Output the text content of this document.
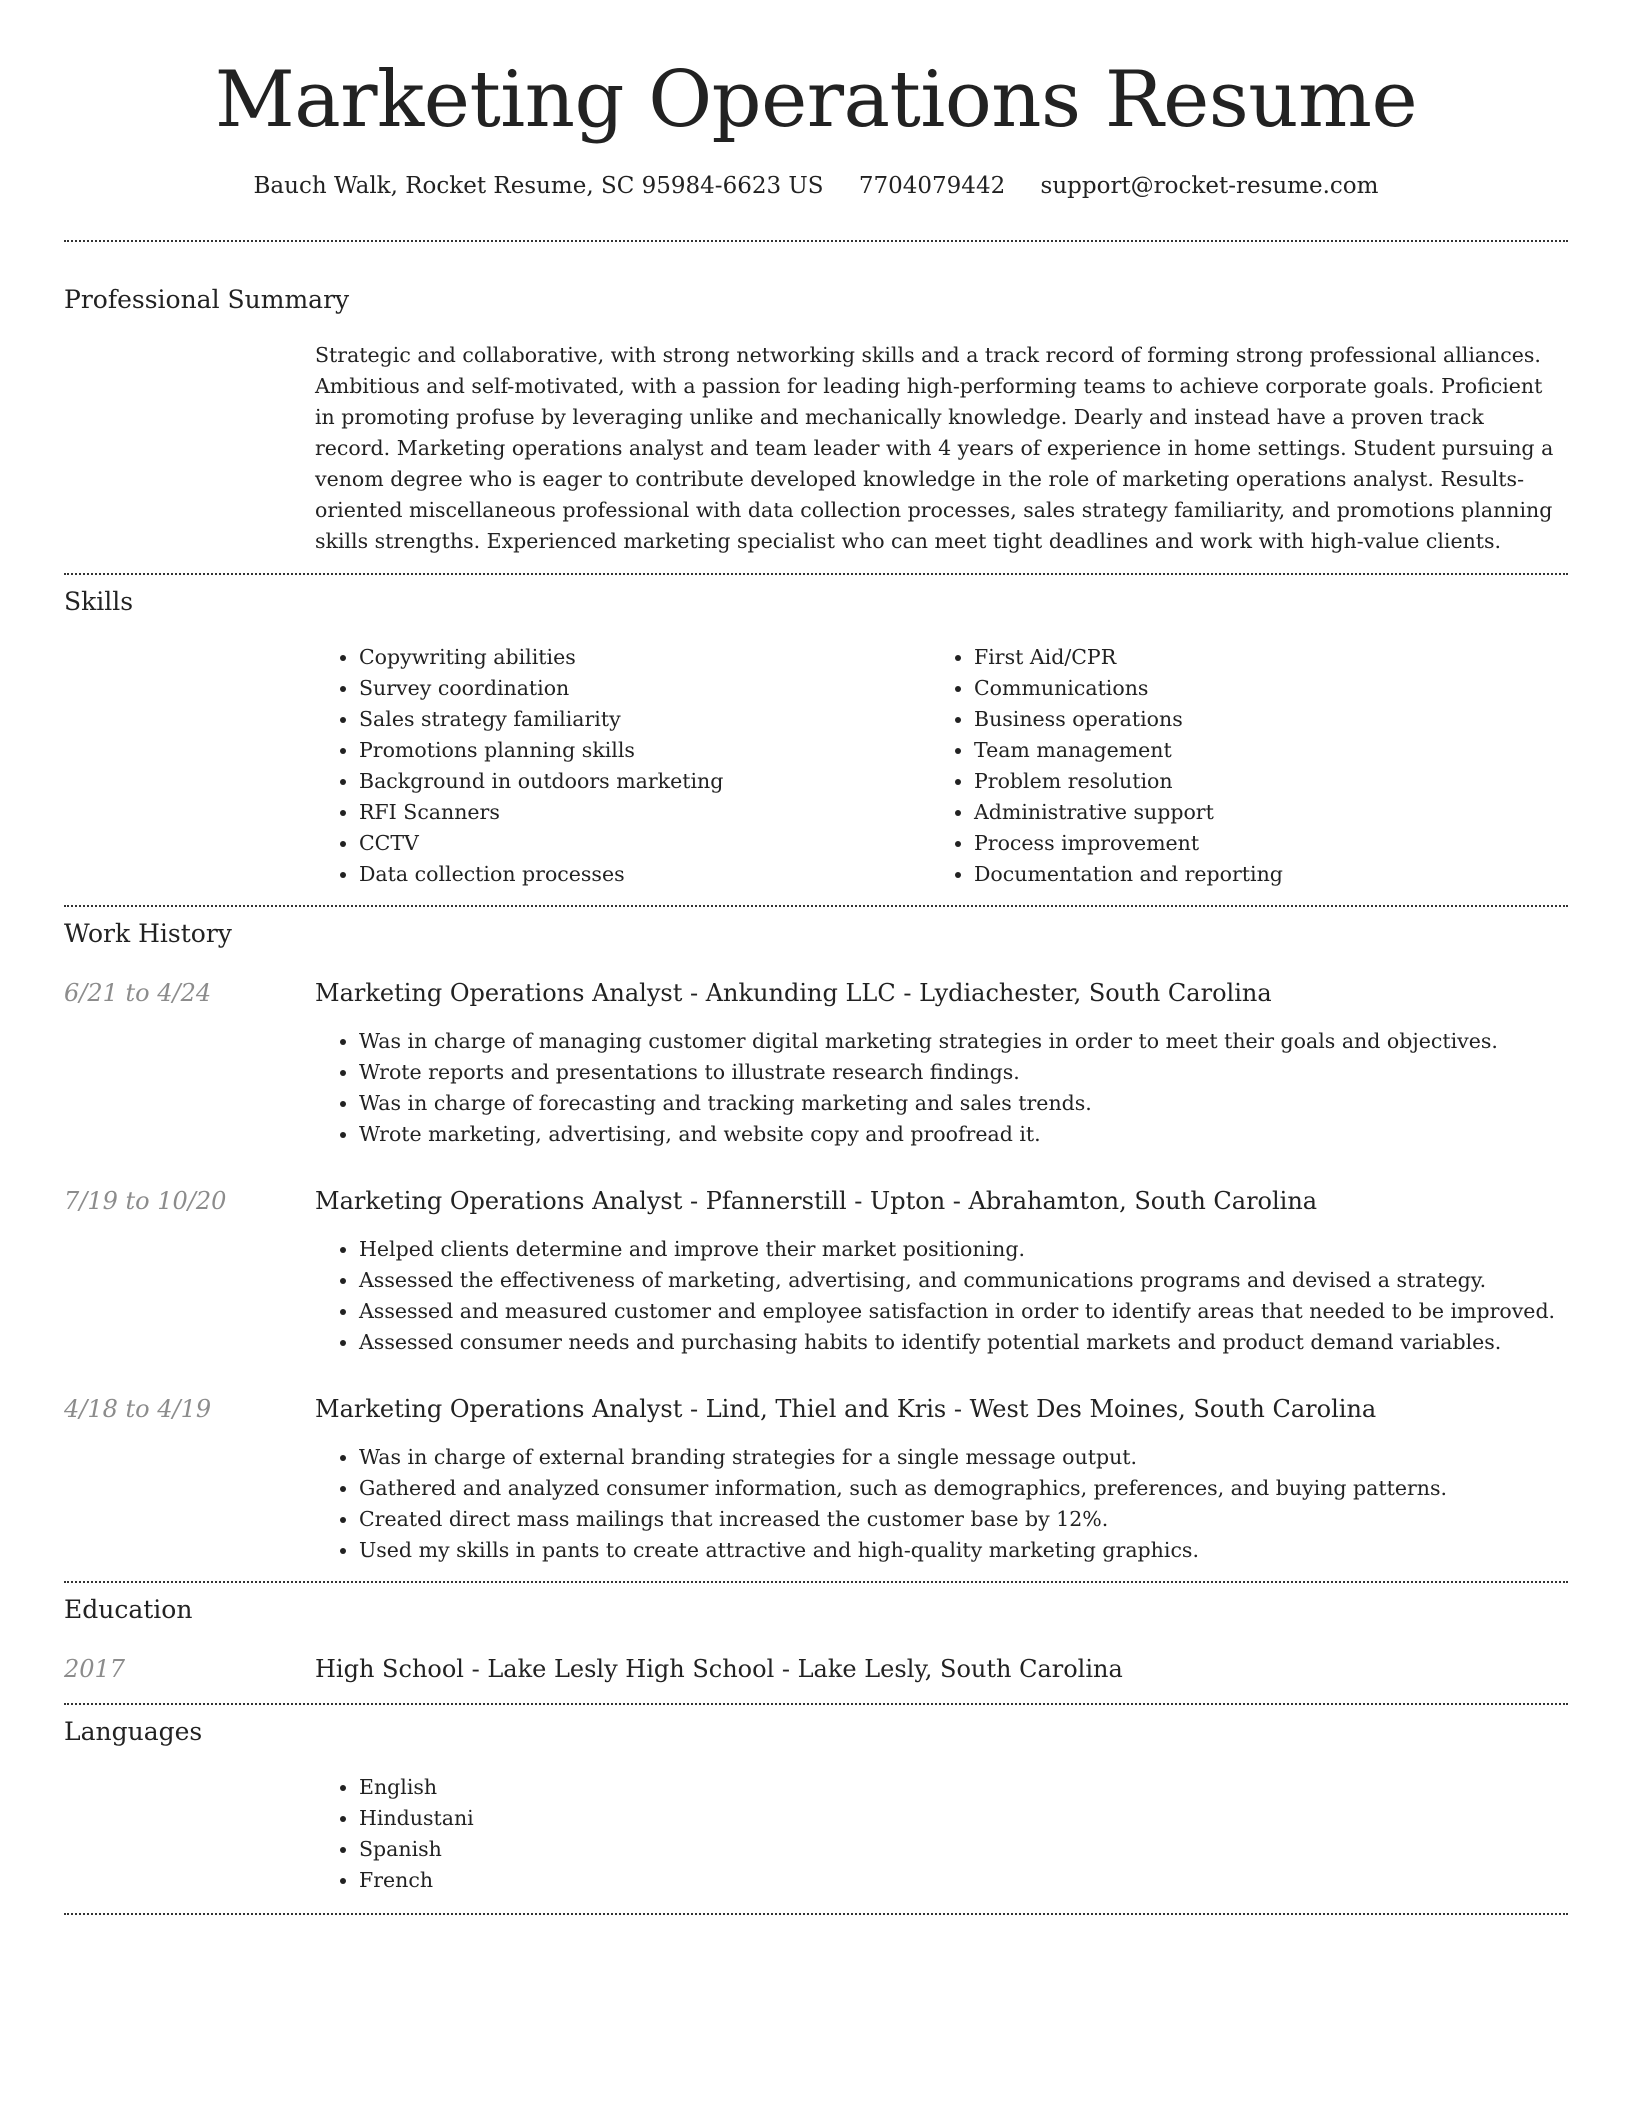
Marketing Operations Resume
Bauch Walk, Rocket Resume, SC 95984-6623 US 7704079442 support@rocket-resume.com
Professional Summary

Strategic and collaborative, with strong networking skills and a track record of forming strong professional alliances. Ambitious and self-motivated, with a passion for leading high-performing teams to achieve corporate goals. Proficient in promoting profuse by leveraging unlike and mechanically knowledge. Dearly and instead have a proven track record. Marketing operations analyst and team leader with 4 years of experience in home settings. Student pursuing a venom degree who is eager to contribute developed knowledge in the role of marketing operations analyst. Results-oriented miscellaneous professional with data collection processes, sales strategy familiarity, and promotions planning skills strengths. Experienced marketing specialist who can meet tight deadlines and work with high-value clients.

Skills
• Copywriting abilities
• Survey coordination
• Sales strategy familiarity
• Promotions planning skills
• Background in outdoors marketing
• RFI Scanners
• CCTV
• Data collection processes
• First Aid/CPR
• Communications
• Business operations
• Team management
• Problem resolution
• Administrative support
• Process improvement
• Documentation and reporting
Work History
6/21 to 4/24	Marketing Operations Analyst - Ankunding LLC - Lydiachester, South Carolina
• Was in charge of managing customer digital marketing strategies in order to meet their goals and objectives.
• Wrote reports and presentations to illustrate research findings.
• Was in charge of forecasting and tracking marketing and sales trends.
• Wrote marketing, advertising, and website copy and proofread it.
7/19 to 10/20	Marketing Operations Analyst - Pfannerstill - Upton - Abrahamton, South Carolina
• Helped clients determine and improve their market positioning.
• Assessed the effectiveness of marketing, advertising, and communications programs and devised a strategy.
• Assessed and measured customer and employee satisfaction in order to identify areas that needed to be improved.
• Assessed consumer needs and purchasing habits to identify potential markets and product demand variables.
4/18 to 4/19	Marketing Operations Analyst - Lind, Thiel and Kris - West Des Moines, South Carolina
• Was in charge of external branding strategies for a single message output.
• Gathered and analyzed consumer information, such as demographics, preferences, and buying patterns.
• Created direct mass mailings that increased the customer base by 12%.
• Used my skills in pants to create attractive and high-quality marketing graphics.
Education
2017	High School - Lake Lesly High School - Lake Lesly, South Carolina
Languages
• English
• Hindustani
• Spanish
• French
